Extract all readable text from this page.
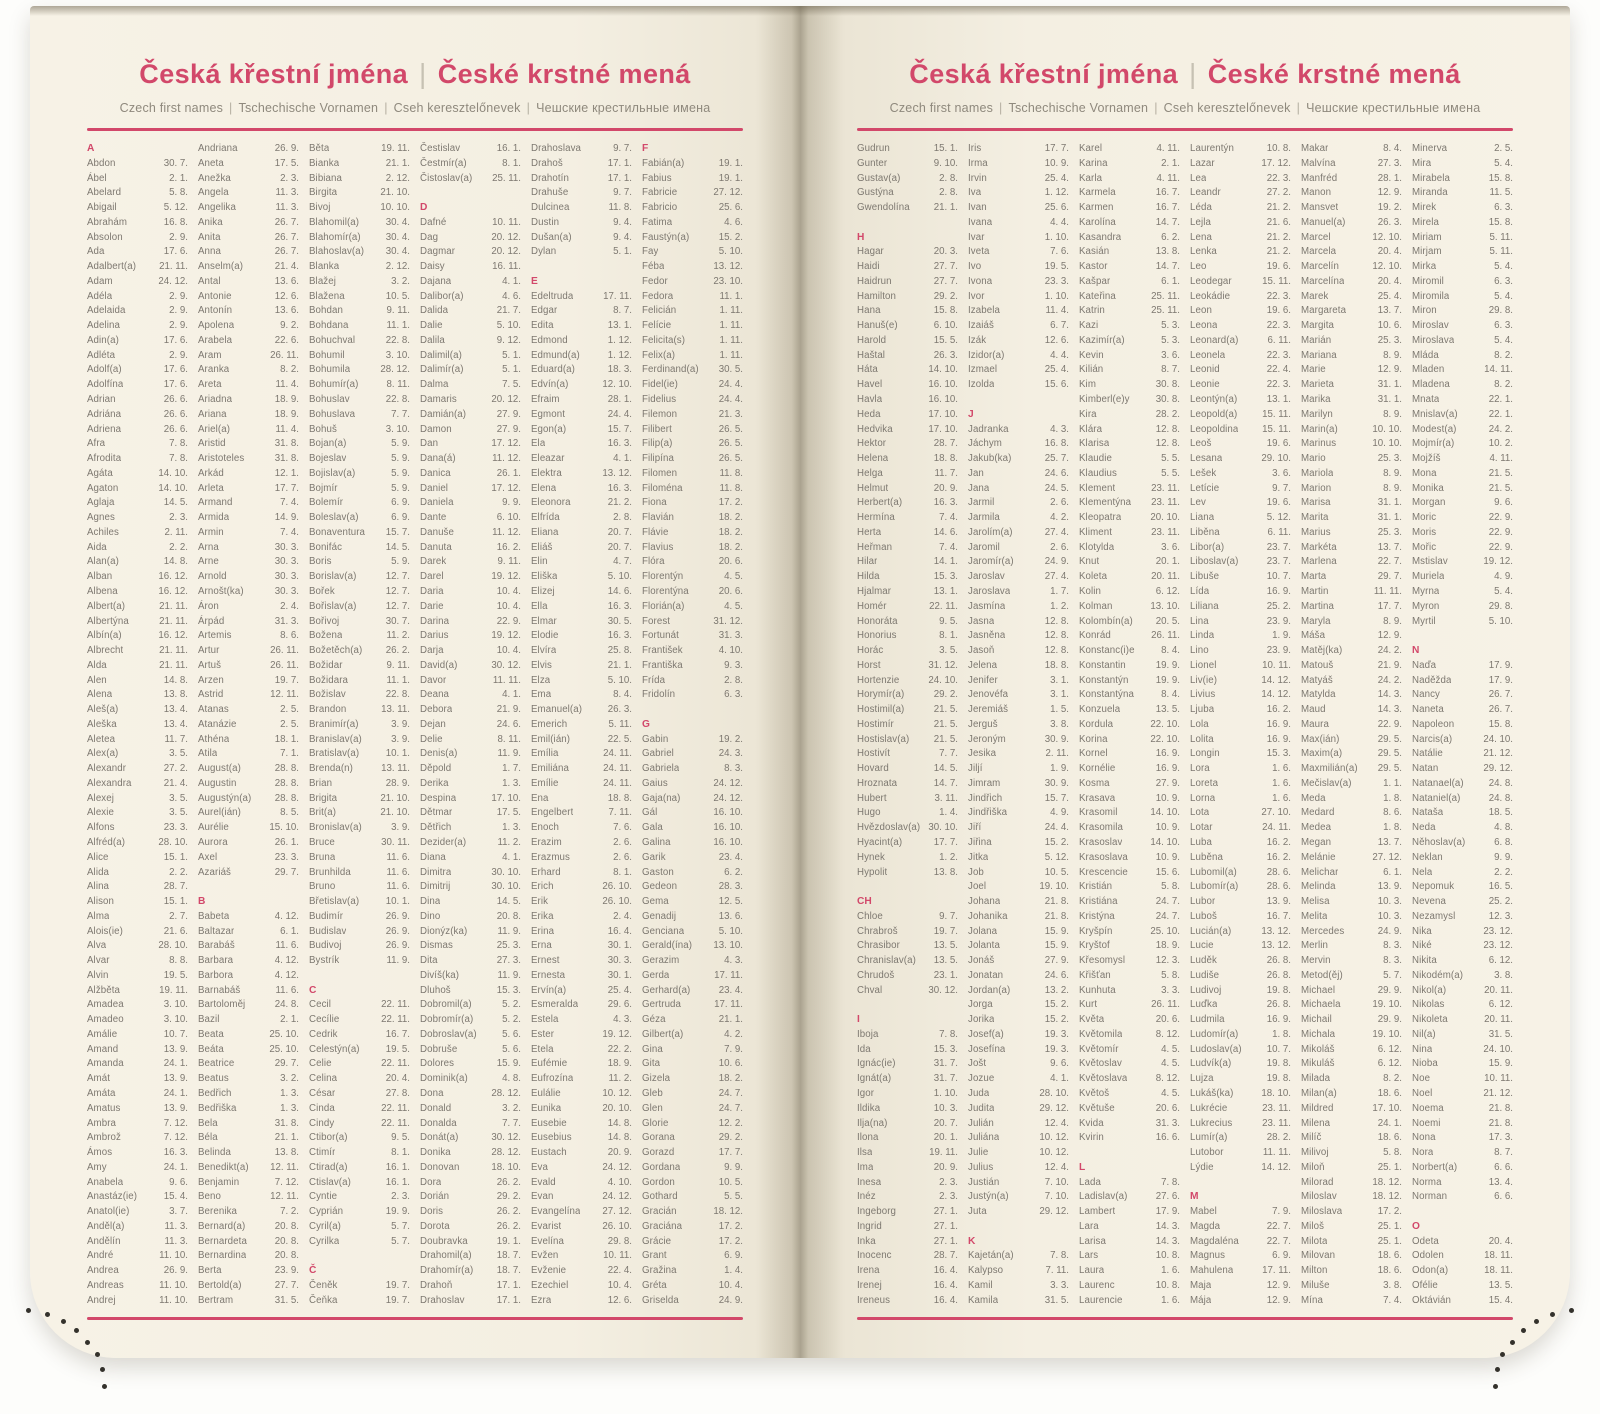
Česká křestní jména | České krstné mená
Czech first names | Tschechische Vornamen | Cseh keresztelőnevek | Чешские крестильные имена
A
Abdon	30. 7.
Ábel	2. 1.
Abelard	5. 8.
Abigail	5. 12.
Abrahám	16. 8.
Absolon	2. 9.
Ada	17. 6.
Adalbert(a) 21. 11.
Adam	24. 12.
Adéla	2. 9.
Adelaida	2. 9.
Adelina	2. 9.
Adin(a)	17. 6.
Adléta	2. 9.
Adolf(a)	17. 6.
Adolfína	17. 6.
Adrian	26. 6.
Adriána	26. 6.
Adriena	26. 6.
Afra	7. 8.
Afrodita	7. 8.
Agáta	14. 10.
Agaton	14. 10.
Aglaja	14. 5.
Agnes	2. 3.
Achiles	2. 11.
Aida	2. 2.
Alan(a)	14. 8.
Alban	16. 12.
Albena	16. 12.
Albert(a)	21. 11.
Albertýna	21. 11.
Albín(a)	16. 12.
Albrecht	21. 11.
Alda	21. 11.
Alen	14. 8.
Alena	13. 8.
Aleš(a)	13. 4.
Aleška	13. 4.
Aletea	11. 7.
Alex(a)	3. 5.
Alexandr	27. 2.
Alexandra	21. 4.
Alexej	3. 5.
Alexie	3. 5.
Alfons	23. 3.
Alfréd(a)	28. 10.
Alice	15. 1.
Alida	2. 2.
Alina	28. 7.
Alison	15. 1.
Alma	2. 7.
Alois(ie)	21. 6.
Alva	28. 10.
Alvar	8. 8.
Alvin	19. 5.
Alžběta	19. 11.
Amadea	3. 10.
Amadeo	3. 10.
Amálie	10. 7.
Amand	13. 9.
Amanda	24. 1.
Amát	13. 9.
Amáta	24. 1.
Amatus	13. 9.
Ambra	7. 12.
Ambrož	7. 12.
Ámos	16. 3.
Amy	24. 1.
Anabela	9. 6.
Anastáz(ie)	15. 4.
Anatol(ie)	3. 7.
Anděl(a)	11. 3.
Andělín	11. 3.
André	11. 10.
Andrea	26. 9.
Andreas	11. 10.
Andrej	11. 10.
Andriana	26. 9.
Aneta	17. 5.
Anežka	2. 3.
Angela	11. 3.
Angelika	11. 3.
Anika	26. 7.
Anita	26. 7.
Anna	26. 7.
Anselm(a)	21. 4.
Antal	13. 6.
Antonie	12. 6.
Antonín	13. 6.
Apolena	9. 2.
Arabela	22. 6.
Aram	26. 11.
Aranka	8. 2.
Areta	11. 4.
Ariadna	18. 9.
Ariana	18. 9.
Ariel(a)	11. 4.
Aristid	31. 8.
Aristoteles	31. 8.
Arkád	12. 1.
Arleta	17. 7.
Armand	7. 4.
Armida	14. 9.
Armin	7. 4.
Arna	30. 3.
Arne	30. 3.
Arnold	30. 3.
Arnošt(ka)	30. 3.
Áron	2. 4.
Árpád	31. 3.
Artemis	8. 6.
Artur	26. 11.
Artuš	26. 11.
Arzen	19. 7.
Astrid	12. 11.
Atanas	2. 5.
Atanázie	2. 5.
Athéna	18. 1.
Atila	7. 1.
August(a)	28. 8.
Augustin	28. 8.
Augustýn(a) 28. 8.
Aurel(ián)	8. 5.
Aurélie	15. 10.
Aurora	26. 1.
Axel	23. 3.
Azariáš	29. 7.
B
Babeta	4. 12.
Baltazar	6. 1.
Barabáš	11. 6.
Barbara	4. 12.
Barbora	4. 12.
Barnabáš	11. 6.
Bartoloměj	24. 8.
Bazil	2. 1.
Beata	25. 10.
Beáta	25. 10.
Beatrice	29. 7.
Beatus	3. 2.
Bedřich	1. 3.
Bedřiška	1. 3.
Bela	31. 8.
Béla	21. 1.
Belinda	13. 8.
Benedikt(a) 12. 11.
Benjamin	7. 12.
Beno	12. 11.
Berenika	7. 2.
Bernard(a)	20. 8.
Bernardeta	20. 8.
Bernardina	20. 8.
Berta	23. 9.
Bertold(a)	27. 7.
Bertram	31. 5.
Běta	19. 11.
Bianka	21. 1.
Bibiana	2. 12.
Birgita	21. 10.
Bivoj	10. 10.
Blahomil(a)	30. 4.
Blahomír(a)	30. 4.
Blahoslav(a) 30. 4.
Blanka	2. 12.
Blažej	3. 2.
Blažena	10. 5.
Bohdan	9. 11.
Bohdana	11. 1.
Bohuchval	22. 8.
Bohumil	3. 10.
Bohumila	28. 12.
Bohumír(a)	8. 11.
Bohuslav	22. 8.
Bohuslava	7. 7.
Bohuš	3. 10.
Bojan(a)	5. 9.
Bojeslav	5. 9.
Bojislav(a)	5. 9.
Bojmír	5. 9.
Bolemír	6. 9.
Boleslav(a)	6. 9.
Bonaventura 15. 7.
Bonifác	14. 5.
Boris	5. 9.
Borislav(a)	12. 7.
Bořek	12. 7.
Bořislav(a)	12. 7.
Bořivoj	30. 7.
Božena	11. 2.
Božetěch(a) 26. 2.
Božidar	9. 11.
Božidara	11. 1.
Božislav	22. 8.
Brandon	13. 11.
Branimír(a)	3. 9.
Branislav(a)	3. 9.
Bratislav(a)	10. 1.
Brenda(n)	13. 11.
Brian	28. 9.
Brigita	21. 10.
Brit(a)	21. 10.
Bronislav(a)	3. 9.
Bruce	30. 11.
Bruna	11. 6.
Brunhilda	11. 6.
Bruno	11. 6.
Břetislav(a)	10. 1.
Budimír	26. 9.
Budislav	26. 9.
Budivoj	26. 9.
Bystrík	11. 9.
C
Cecil	22. 11.
Cecílie	22. 11.
Cedrik	16. 7.
Celestýn(a)	19. 5.
Celie	22. 11.
Celina	20. 4.
César	27. 8.
Cinda	22. 11.
Cindy	22. 11.
Ctibor(a)	9. 5.
Ctimír	8. 1.
Ctirad(a)	16. 1.
Ctislav(a)	16. 1.
Cyntie	2. 3.
Cyprián	19. 9.
Cyril(a)	5. 7.
Cyrilka	5. 7.
Č
Čeněk	19. 7.
Čeňka	19. 7.
Čestislav	16. 1.
Čestmír(a)	8. 1.
Čistoslav(a) 25. 11.
D
Dafné	10. 11.
Dag	20. 12.
Dagmar	20. 12.
Daisy	16. 11.
Dajana	4. 1.
Dalibor(a)	4. 6.
Dalida	21. 7.
Dalie	5. 10.
Dalila	9. 12.
Dalimil(a)	5. 1.
Dalimír(a)	5. 1.
Dalma	7. 5.
Damaris	20. 12.
Damián(a)	27. 9.
Damon	27. 9.
Dan	17. 12.
Dana(á)	11. 12.
Danica	26. 1.
Daniel	17. 12.
Daniela	9. 9.
Dante	6. 10.
Danuše	11. 12.
Danuta	16. 2.
Darek	9. 11.
Darel	19. 12.
Daria	10. 4.
Darie	10. 4.
Darina	22. 9.
Darius	19. 12.
Darja	10. 4.
David(a)	30. 12.
Davor	11. 11.
Deana	4. 1.
Debora	21. 9.
Dejan	24. 6.
Delie	8. 11.
Denis(a)	11. 9.
Děpold	1. 7.
Derika	1. 3.
Despina	17. 10.
Dětmar	17. 5.
Dětřich	1. 3.
Dezider(a)	11. 2.
Diana	4. 1.
Dimitra	30. 10.
Dimitrij	30. 10.
Dina	14. 5.
Dino	20. 8.
Dionýz(ka)	11. 9.
Dismas	25. 3.
Dita	27. 3.
Divíš(ka)	11. 9.
Dluhoš	15. 3.
Dobromil(a)	5. 2.
Dobromír(a)	5. 2.
Dobroslav(a)	5. 6.
Dobruše	5. 6.
Dolores	15. 9.
Dominik(a)	4. 8.
Dona	28. 12.
Donald	3. 2.
Donalda	7. 7.
Donát(a)	30. 12.
Donika	28. 12.
Donovan	18. 10.
Dora	26. 2.
Dorián	29. 2.
Doris	26. 2.
Dorota	26. 2.
Doubravka	19. 1.
Drahomil(a)	18. 7.
Drahomír(a) 18. 7.
Drahoň	17. 1.
Drahoslav	17. 1.
Drahoslava	9. 7.
Drahoš	17. 1.
Drahotín	17. 1.
Drahuše	9. 7.
Dulcinea	11. 8.
Dustin	9. 4.
Dušan(a)	9. 4.
Dylan	5. 1.
E
Edeltruda	17. 11.
Edgar	8. 7.
Edita	13. 1.
Edmond	1. 12.
Edmund(a)	1. 12.
Eduard(a)	18. 3.
Edvín(a)	12. 10.
Efraim	28. 1.
Egmont	24. 4.
Egon(a)	15. 7.
Ela	16. 3.
Eleazar	4. 1.
Elektra	13. 12.
Elena	16. 3.
Eleonora	21. 2.
Elfrída	2. 8.
Eliana	20. 7.
Eliáš	20. 7.
Elin	4. 7.
Eliška	5. 10.
Elizej	14. 6.
Ella	16. 3.
Elmar	30. 5.
Elodie	16. 3.
Elvíra	25. 8.
Elvis	21. 1.
Elza	5. 10.
Ema	8. 4.
Emanuel(a)	26. 3.
Emerich	5. 11.
Emil(ián)	22. 5.
Emília	24. 11.
Emiliána	24. 11.
Emílie	24. 11.
Ena	18. 8.
Engelbert	7. 11.
Enoch	7. 6.
Erazim	2. 6.
Erazmus	2. 6.
Erhard	8. 1.
Erich	26. 10.
Erik	26. 10.
Erika	2. 4.
Erina	16. 4.
Erna	30. 1.
Ernest	30. 3.
Ernesta	30. 1.
Ervín(a)	25. 4.
Esmeralda	29. 6.
Estela	4. 3.
Ester	19. 12.
Etela	22. 2.
Eufémie	18. 9.
Eufrozína	11. 2.
Eulálie	10. 12.
Eunika	20. 10.
Eusebie	14. 8.
Eusebius	14. 8.
Eustach	20. 9.
Eva	24. 12.
Evald	4. 10.
Evan	24. 12.
Evangelína 27. 12.
Evarist	26. 10.
Evelína	29. 8.
Evžen	10. 11.
Evženie	22. 4.
Ezechiel	10. 4.
Ezra	12. 6.
F
Fabián(a)	19. 1.
Fabius	19. 1.
Fabricie	27. 12.
Fabricio	25. 6.
Fatima	4. 6.
Faustýn(a)	15. 2.
Fay	5. 10.
Féba	13. 12.
Fedor	23. 10.
Fedora	11. 1.
Felicián	1. 11.
Felície	1. 11.
Felicita(s)	1. 11.
Felix(a)	1. 11.
Ferdinand(a) 30. 5.
Fidel(ie)	24. 4.
Fidelius	24. 4.
Filemon	21. 3.
Filibert	26. 5.
Filip(a)	26. 5.
Filipína	26. 5.
Filomen	11. 8.
Filoména	11. 8.
Fiona	17. 2.
Flavián	18. 2.
Flávie	18. 2.
Flavius	18. 2.
Flóra	20. 6.
Florentýn	4. 5.
Florentýna	20. 6.
Florián(a)	4. 5.
Forest	31. 12.
Fortunát	31. 3.
František	4. 10.
Františka	9. 3.
Frída	2. 8.
Fridolín	6. 3.
G
Gabin	19. 2.
Gabriel	24. 3.
Gabriela	8. 3.
Gaius	24. 12.
Gaja(na)	24. 12.
Gál	16. 10.
Gala	16. 10.
Galina	16. 10.
Garik	23. 4.
Gaston	6. 2.
Gedeon	28. 3.
Gema	12. 5.
Genadij	13. 6.
Genciana	5. 10.
Gerald(ína) 13. 10.
Gerazim	4. 3.
Gerda	17. 11.
Gerhard(a)	23. 4.
Gertruda	17. 11.
Géza	21. 1.
Gilbert(a)	4. 2.
Gina	7. 9.
Gita	10. 6.
Gizela	18. 2.
Gleb	24. 7.
Glen	24. 7.
Glorie	12. 2.
Gorana	29. 2.
Gorazd	17. 7.
Gordana	9. 9.
Gordon	10. 5.
Gothard	5. 5.
Gracián	18. 12.
Graciána	17. 2.
Grácie	17. 2.
Grant	6. 9.
Gražina	1. 4.
Gréta	10. 4.
Griselda	24. 9.
Česká křestní jména | České krstné mená
Czech first names | Tschechische Vornamen | Cseh keresztelőnevek | Чешские крестильные имена
Gudrun	15. 1.
Gunter	9. 10.
Gustav(a)	2. 8.
Gustýna	2. 8.
Gwendolína 21. 1.
H
Hagar	20. 3.
Haidi	27. 7.
Haidrun	27. 7.
Hamilton	29. 2.
Hana	15. 8.
Hanuš(e)	6. 10.
Harold	15. 5.
Haštal	26. 3.
Háta	14. 10.
Havel	16. 10.
Havla	16. 10.
Heda	17. 10.
Hedvika	17. 10.
Hektor	28. 7.
Helena	18. 8.
Helga	11. 7.
Helmut	20. 9.
Herbert(a)	16. 3.
Hermína	7. 4.
Herta	14. 6.
Heřman	7. 4.
Hilar	14. 1.
Hilda	15. 3.
Hjalmar	13. 1.
Homér	22. 11.
Honoráta	9. 5.
Honorius	8. 1.
Horác	3. 5.
Horst	31. 12.
Hortenzie	24. 10.
Horymír(a)	29. 2.
Hostimil(a)	21. 5.
Hostimír	21. 5.
Hostislav(a)	21. 5.
Hostivít	7. 7.
Hovard	14. 5.
Hroznata	14. 7.
Hubert	3. 11.
Hugo	1. 4.
Hvězdoslav(a) 30. 10.
Hyacint(a)	17. 7.
Hynek	1. 2.
Hypolit	13. 8.
CH
Chloe	9. 7.
Chrabroš	19. 7.
Chrasibor	13. 5.
Chranislav(a) 13. 5.
Chrudoš	23. 1.
Chval	30. 12.
I
Iboja	7. 8.
Ida	15. 3.
Ignác(ie)	31. 7.
Ignát(a)	31. 7.
Igor	1. 10.
Ildika	10. 3.
Ilja(na)	20. 7.
Ilona	20. 1.
Ilsa	19. 11.
Ima	20. 9.
Inesa	2. 3.
Inéz	2. 3.
Ingeborg	27. 1.
Ingrid	27. 1.
Inka	27. 1.
Inocenc	28. 7.
Irena	16. 4.
Irenej	16. 4.
Ireneus	16. 4.
Iris	17. 7.
Irma	10. 9.
Irvin	25. 4.
Iva	1. 12.
Ivan	25. 6.
Ivana	4. 4.
Ivar	1. 10.
Iveta	7. 6.
Ivo	19. 5.
Ivona	23. 3.
Ivor	1. 10.
Izabela	11. 4.
Izaiáš	6. 7.
Izák	12. 6.
Izidor(a)	4. 4.
Izmael	25. 4.
Izolda	15. 6.
J
Jadranka	4. 3.
Jáchym	16. 8.
Jakub(ka)	25. 7.
Jan	24. 6.
Jana	24. 5.
Jarmil	2. 6.
Jarmila	4. 2.
Jarolím(a)	27. 4.
Jaromil	2. 6.
Jaromír(a)	24. 9.
Jaroslav	27. 4.
Jaroslava	1. 7.
Jasmína	1. 2.
Jasna	12. 8.
Jasněna	12. 8.
Jasoň	12. 8.
Jelena	18. 8.
Jenifer	3. 1.
Jenovéfa	3. 1.
Jeremiáš	1. 5.
Jerguš	3. 8.
Jeroným	30. 9.
Jesika	2. 11.
Jiljí	1. 9.
Jimram	30. 9.
Jindřich	15. 7.
Jindřiška	4. 9.
Jiří	24. 4.
Jiřina	15. 2.
Jitka	5. 12.
Job	10. 5.
Joel	19. 10.
Johana	21. 8.
Johanika	21. 8.
Jolana	15. 9.
Jolanta	15. 9.
Jonáš	27. 9.
Jonatan	24. 6.
Jordan(a)	13. 2.
Jorga	15. 2.
Jorika	15. 2.
Josef(a)	19. 3.
Josefína	19. 3.
Jošt	9. 6.
Jozue	4. 1.
Juda	28. 10.
Judita	29. 12.
Julián	12. 4.
Juliána	10. 12.
Julie	10. 12.
Julius	12. 4.
Justián	7. 10.
Justýn(a)	7. 10.
Juta	29. 12.
K
Kajetán(a)	7. 8.
Kalypso	7. 11.
Kamil	3. 3.
Kamila	31. 5.
Karel	4. 11.
Karina	2. 1.
Karla	4. 11.
Karmela	16. 7.
Karmen	16. 7.
Karolína	14. 7.
Kasandra	6. 2.
Kasián	13. 8.
Kastor	14. 7.
Kašpar	6. 1.
Kateřina	25. 11.
Katrin	25. 11.
Kazi	5. 3.
Kazimír(a)	5. 3.
Kevin	3. 6.
Kilián	8. 7.
Kim	30. 8.
Kimberl(e)y	30. 8.
Kira	28. 2.
Klára	12. 8.
Klarisa	12. 8.
Klaudie	5. 5.
Klaudius	5. 5.
Klement	23. 11.
Klementýna 23. 11.
Kleopatra	20. 10.
Kliment	23. 11.
Klotylda	3. 6.
Knut	20. 1.
Koleta	20. 11.
Kolin	6. 12.
Kolman	13. 10.
Kolombín(a) 20. 5.
Konrád	26. 11.
Konstanc(i)e	8. 4.
Konstantin	19. 9.
Konstantýn	19. 9.
Konstantýna	8. 4.
Konzuela	13. 5.
Kordula	22. 10.
Korina	22. 10.
Kornel	16. 9.
Kornélie	16. 9.
Kosma	27. 9.
Krasava	10. 9.
Krasomil	14. 10.
Krasomila	10. 9.
Krasoslav	14. 10.
Krasoslava	10. 9.
Krescencie	15. 6.
Kristián	5. 8.
Kristiána	24. 7.
Kristýna	24. 7.
Kryšpín	25. 10.
Kryštof	18. 9.
Křesomysl	12. 3.
Křišťan	5. 8.
Kunhuta	3. 3.
Kurt	26. 11.
Květa	20. 6.
Květomila	8. 12.
Květomír	4. 5.
Květoslav	4. 5.
Květoslava	8. 12.
Květoš	4. 5.
Květuše	20. 6.
Kvida	31. 3.
Kvirin	16. 6.
L
Lada	7. 8.
Ladislav(a)	27. 6.
Lambert	17. 9.
Lara	14. 3.
Larisa	14. 3.
Lars	10. 8.
Laura	1. 6.
Laurenc	10. 8.
Laurencie	1. 6.
Laurentýn	10. 8.
Lazar	17. 12.
Lea	22. 3.
Leandr	27. 2.
Léda	21. 2.
Lejla	21. 6.
Lena	21. 2.
Lenka	21. 2.
Leo	19. 6.
Leodegar	15. 11.
Leokádie	22. 3.
Leon	19. 6.
Leona	22. 3.
Leonard(a)	6. 11.
Leonela	22. 3.
Leonid	22. 4.
Leonie	22. 3.
Leontýn(a)	13. 1.
Leopold(a)	15. 11.
Leopoldina 15. 11.
Leoš	19. 6.
Lesana	29. 10.
Lešek	3. 6.
Letície	9. 7.
Lev	19. 6.
Liana	5. 12.
Liběna	6. 11.
Libor(a)	23. 7.
Liboslav(a)	23. 7.
Libuše	10. 7.
Lída	16. 9.
Liliana	25. 2.
Lina	23. 9.
Linda	1. 9.
Lino	23. 9.
Lionel	10. 11.
Liv(ie)	14. 12.
Livius	14. 12.
Ljuba	16. 2.
Lola	16. 9.
Lolita	16. 9.
Longin	15. 3.
Lora	1. 6.
Loreta	1. 6.
Lorna	1. 6.
Lota	27. 10.
Lotar	24. 11.
Luba	16. 2.
Luběna	16. 2.
Lubomil(a)	28. 6.
Lubomír(a)	28. 6.
Lubor	13. 9.
Luboš	16. 7.
Lucián(a)	13. 12.
Lucie	13. 12.
Luděk	26. 8.
Ludiše	26. 8.
Ludivoj	19. 8.
Luďka	26. 8.
Ludmila	16. 9.
Ludomír(a)	1. 8.
Ludoslav(a)	10. 7.
Ludvík(a)	19. 8.
Lujza	19. 8.
Lukáš(ka)	18. 10.
Lukrécie	23. 11.
Lukrecius	23. 11.
Lumír(a)	28. 2.
Lutobor	11. 11.
Lýdie	14. 12.
M
Mabel	7. 9.
Magda	22. 7.
Magdaléna	22. 7.
Magnus	6. 9.
Mahulena	17. 11.
Maja	12. 9.
Mája	12. 9.
Makar	8. 4.
Malvína	27. 3.
Manfréd	28. 1.
Manon	12. 9.
Mansvet	19. 2.
Manuel(a)	26. 3.
Marcel	12. 10.
Marcela	20. 4.
Marcelín	12. 10.
Marcelína	20. 4.
Marek	25. 4.
Margareta	13. 7.
Margita	10. 6.
Marián	25. 3.
Mariana	8. 9.
Marie	12. 9.
Marieta	31. 1.
Marika	31. 1.
Marilyn	8. 9.
Marin(a)	10. 10.
Marinus	10. 10.
Mario	25. 3.
Mariola	8. 9.
Marion	8. 9.
Marisa	31. 1.
Marita	31. 1.
Marius	25. 3.
Markéta	13. 7.
Marlena	22. 7.
Marta	29. 7.
Martin	11. 11.
Martina	17. 7.
Maryla	8. 9.
Máša	12. 9.
Matěj(ka)	24. 2.
Matouš	21. 9.
Matyáš	24. 2.
Matylda	14. 3.
Maud	14. 3.
Maura	22. 9.
Max(ián)	29. 5.
Maxim(a)	29. 5.
Maxmilián(a) 29. 5.
Mečislav(a)	1. 1.
Meda	1. 8.
Medard	8. 6.
Medea	1. 8.
Megan	13. 7.
Melánie	27. 12.
Melichar	6. 1.
Melinda	13. 9.
Melisa	10. 3.
Melita	10. 3.
Mercedes	24. 9.
Merlin	8. 3.
Mervin	8. 3.
Metod(ěj)	5. 7.
Michael	29. 9.
Michaela	19. 10.
Michail	29. 9.
Michala	19. 10.
Mikoláš	6. 12.
Mikuláš	6. 12.
Milada	8. 2.
Milan(a)	18. 6.
Mildred	17. 10.
Milena	24. 1.
Milíč	18. 6.
Milivoj	5. 8.
Miloň	25. 1.
Milorad	18. 12.
Miloslav	18. 12.
Miloslava	17. 2.
Miloš	25. 1.
Milota	25. 1.
Milovan	18. 6.
Milton	18. 6.
Miluše	3. 8.
Mína	7. 4.
Minerva	2. 5.
Mira	5. 4.
Mirabela	15. 8.
Miranda	11. 5.
Mirek	6. 3.
Mirela	15. 8.
Miriam	5. 11.
Mirjam	5. 11.
Mirka	5. 4.
Miromil	6. 3.
Miromila	5. 4.
Miron	29. 8.
Miroslav	6. 3.
Miroslava	5. 4.
Mláda	8. 2.
Mladen	14. 11.
Mladena	8. 2.
Mnata	22. 1.
Mnislav(a)	22. 1.
Modest(a)	24. 2.
Mojmír(a)	10. 2.
Mojžíš	4. 11.
Mona	21. 5.
Monika	21. 5.
Morgan	9. 6.
Moric	22. 9.
Moris	22. 9.
Mořic	22. 9.
Mstislav	19. 12.
Muriela	4. 9.
Myrna	5. 4.
Myron	29. 8.
Myrtil	5. 10.
N
Naďa	17. 9.
Naděžda	17. 9.
Nancy	26. 7.
Naneta	26. 7.
Napoleon	15. 8.
Narcis(a)	24. 10.
Natálie	21. 12.
Natan	29. 12.
Natanael(a)	24. 8.
Nataniel(a)	24. 8.
Nataša	18. 5.
Neda	4. 8.
Něhoslav(a)	6. 8.
Neklan	9. 9.
Nela	2. 2.
Nepomuk	16. 5.
Nevena	25. 2.
Nezamysl	12. 3.
Nika	23. 12.
Niké	23. 12.
Nikita	6. 12.
Nikodém(a)	3. 8.
Nikol(a)	20. 11.
Nikolas	6. 12.
Nikoleta	20. 11.
Nil(a)	31. 5.
Nina	24. 10.
Nioba	15. 9.
Noe	10. 11.
Noel	21. 12.
Noema	21. 8.
Noemi	21. 8.
Nona	17. 3.
Nora	8. 7.
Norbert(a)	6. 6.
Norma	13. 4.
Norman	6. 6.
O
Odeta	20. 4.
Odolen	18. 11.
Odon(a)	18. 11.
Ofélie	13. 5.
Oktávián	15. 4.
